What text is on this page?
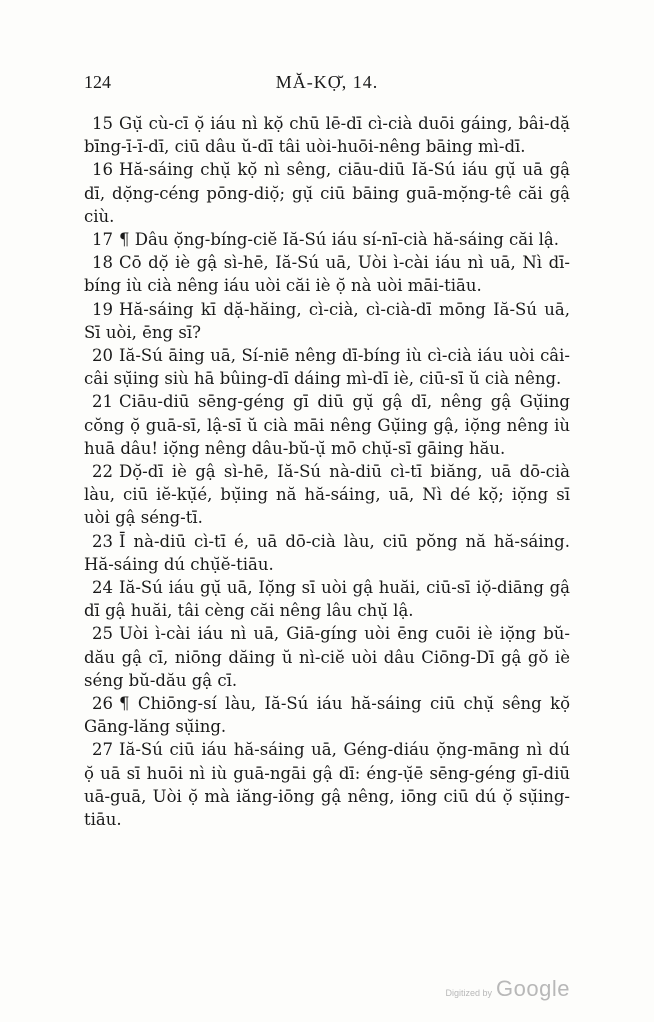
124	MĂ-KỌ̆, 14.

15 Gụ̆ cù-cī ọ̆ iáu nì kọ̆ chū lē-dī cì-cià duōi gáing, bâi-dặ bīng-ī-ī-dī, ciū dâu ŭ-dī tâi uòi-huōi-nêng bāing mì-dī.

16 Hă-sáing chụ̆ kọ̆ nì sêng, ciāu-diū Iă-Sú iáu gụ̆ uā gậ dī, dọ̆ng-céng pōng-diọ̆; gụ̆ ciū bāing guā-mọ̆ng-tê căi gậ ciù.

17 ¶ Dâu ọ̆ng-bíng-ciĕ Iă-Sú iáu sí-nī-cià hă-sáing căi lậ.

18 Cō dọ̆ iè gậ sì-hē, Iă-Sú uā, Uòi ì-cài iáu nì uā, Nì dī-bíng iù cià nêng iáu uòi căi iè ọ̆ nà uòi māi-tiāu.

19 Hă-sáing kī dặ-hăing, cì-cià, cì-cià-dī mōng Iă-Sú uā, Sī uòi, ēng sī?

20 Iă-Sú āing uā, Sí-niē nêng dī-bíng iù cì-cià iáu uòi câi-câi sụ̆ing siù hā bûing-dī dáing mì-dī iè, ciū-sī ŭ cià nêng.

21 Ciāu-diū sēng-géng gī diū gụ̆ gậ dī, nêng gậ Gụ̆ing cŏng ọ̆ guā-sī, lậ-sī ŭ cià māi nêng Gụ̆ing gậ, iọ̆ng nêng iù huā dâu! iọ̆ng nêng dâu-bŭ-ụ̆ mō chụ̆-sī gāing hău.

22 Dọ̆-dī iè gậ sì-hē, Iă-Sú nà-diū cì-tī biăng, uā dō-cià làu, ciū iĕ-kụ̆é, bụ̆ing nă hă-sáing, uā, Nì dé kọ̆; iọ̆ng sī uòi gậ séng-tī.

23 Ī nà-diū cì-tī é, uā dō-cià làu, ciū pŏng nă hă-sáing. Hă-sáing dú chụ̆ĕ-tiāu.

24 Iă-Sú iáu gụ̆ uā, Iọ̆ng sī uòi gậ huăi, ciū-sī iọ̆-diāng gậ dī gậ huăi, tâi cèng căi nêng lâu chụ̆ lậ.

25 Uòi ì-cài iáu nì uā, Giā-gíng uòi ēng cuōi iè iọ̆ng bŭ-dău gậ cī, niōng dăing ŭ nì-ciĕ uòi dâu Ciōng-Dī gậ gŏ iè séng bŭ-dău gậ cī.

26 ¶ Chiōng-sí làu, Iă-Sú iáu hă-sáing ciū chụ̆ sêng kọ̆ Gāng-lăng sụ̆ing.

27 Iă-Sú ciū iáu hă-sáing uā, Géng-diáu ọ̆ng-māng nì dú ọ̆ uā sī huōi nì iù guā-ngāi gậ dī: éng-ụ̆ē sēng-géng gī-diū uā-guā, Uòi ọ̆ mà iăng-iōng gậ nêng, iōng ciū dú ọ̆ sụ̆ing-tiāu.

Digitized by Google
